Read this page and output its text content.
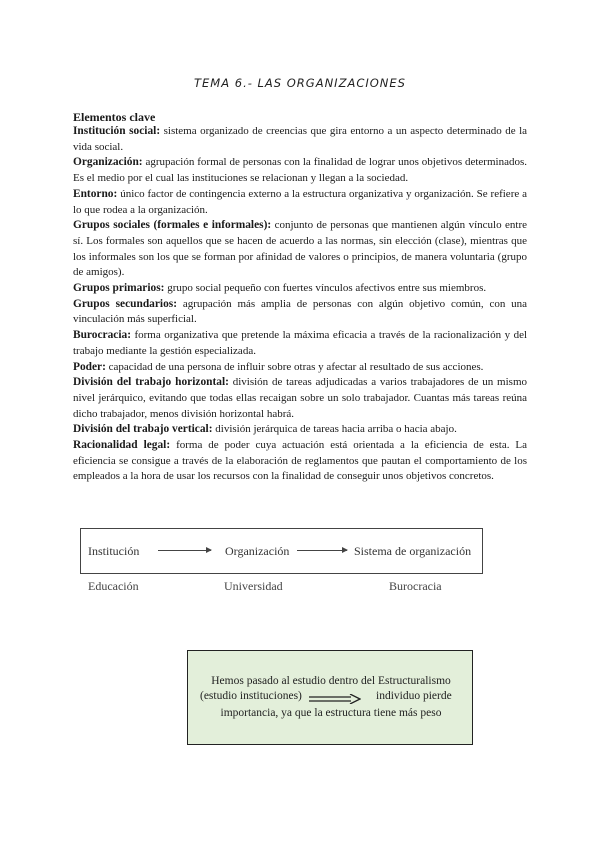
TEMA 6.- LAS ORGANIZACIONES

Elementos clave

Institución social: sistema organizado de creencias que gira entorno a un aspecto determinado de la vida social.

Organización: agrupación formal de personas con la finalidad de lograr unos objetivos determinados. Es el medio por el cual las instituciones se relacionan y llegan a la sociedad.

Entorno: único factor de contingencia externo a la estructura organizativa y organización. Se refiere a lo que rodea a la organización.

Grupos sociales (formales e informales): conjunto de personas que mantienen algún vínculo entre sí. Los formales son aquellos que se hacen de acuerdo a las normas, sin elección (clase), mientras que los informales son los que se forman por afinidad de valores o principios, de manera voluntaria (grupo de amigos).

Grupos primarios: grupo social pequeño con fuertes vínculos afectivos entre sus miembros.

Grupos secundarios: agrupación más amplia de personas con algún objetivo común, con una vinculación más superficial.

Burocracia: forma organizativa que pretende la máxima eficacia a través de la racionalización y del trabajo mediante la gestión especializada.

Poder: capacidad de una persona de influir sobre otras y afectar al resultado de sus acciones.

División del trabajo horizontal: división de tareas adjudicadas a varios trabajadores de un mismo nivel jerárquico, evitando que todas ellas recaigan sobre un solo trabajador. Cuantas más tareas reúna dicho trabajador, menos división horizontal habrá.

División del trabajo vertical: división jerárquica de tareas hacia arriba o hacia abajo.

Racionalidad legal: forma de poder cuya actuación está orientada a la eficiencia de esta. La eficiencia se consigue a través de la elaboración de reglamentos que pautan el comportamiento de los empleados a la hora de usar los recursos con la finalidad de conseguir unos objetivos concretos.

Institución	Organización	Sistema de organización
Educación	Universidad	Burocracia
Hemos pasado al estudio dentro del Estructuralismo
(estudio instituciones)	individuo pierde
importancia, ya que la estructura tiene más peso
